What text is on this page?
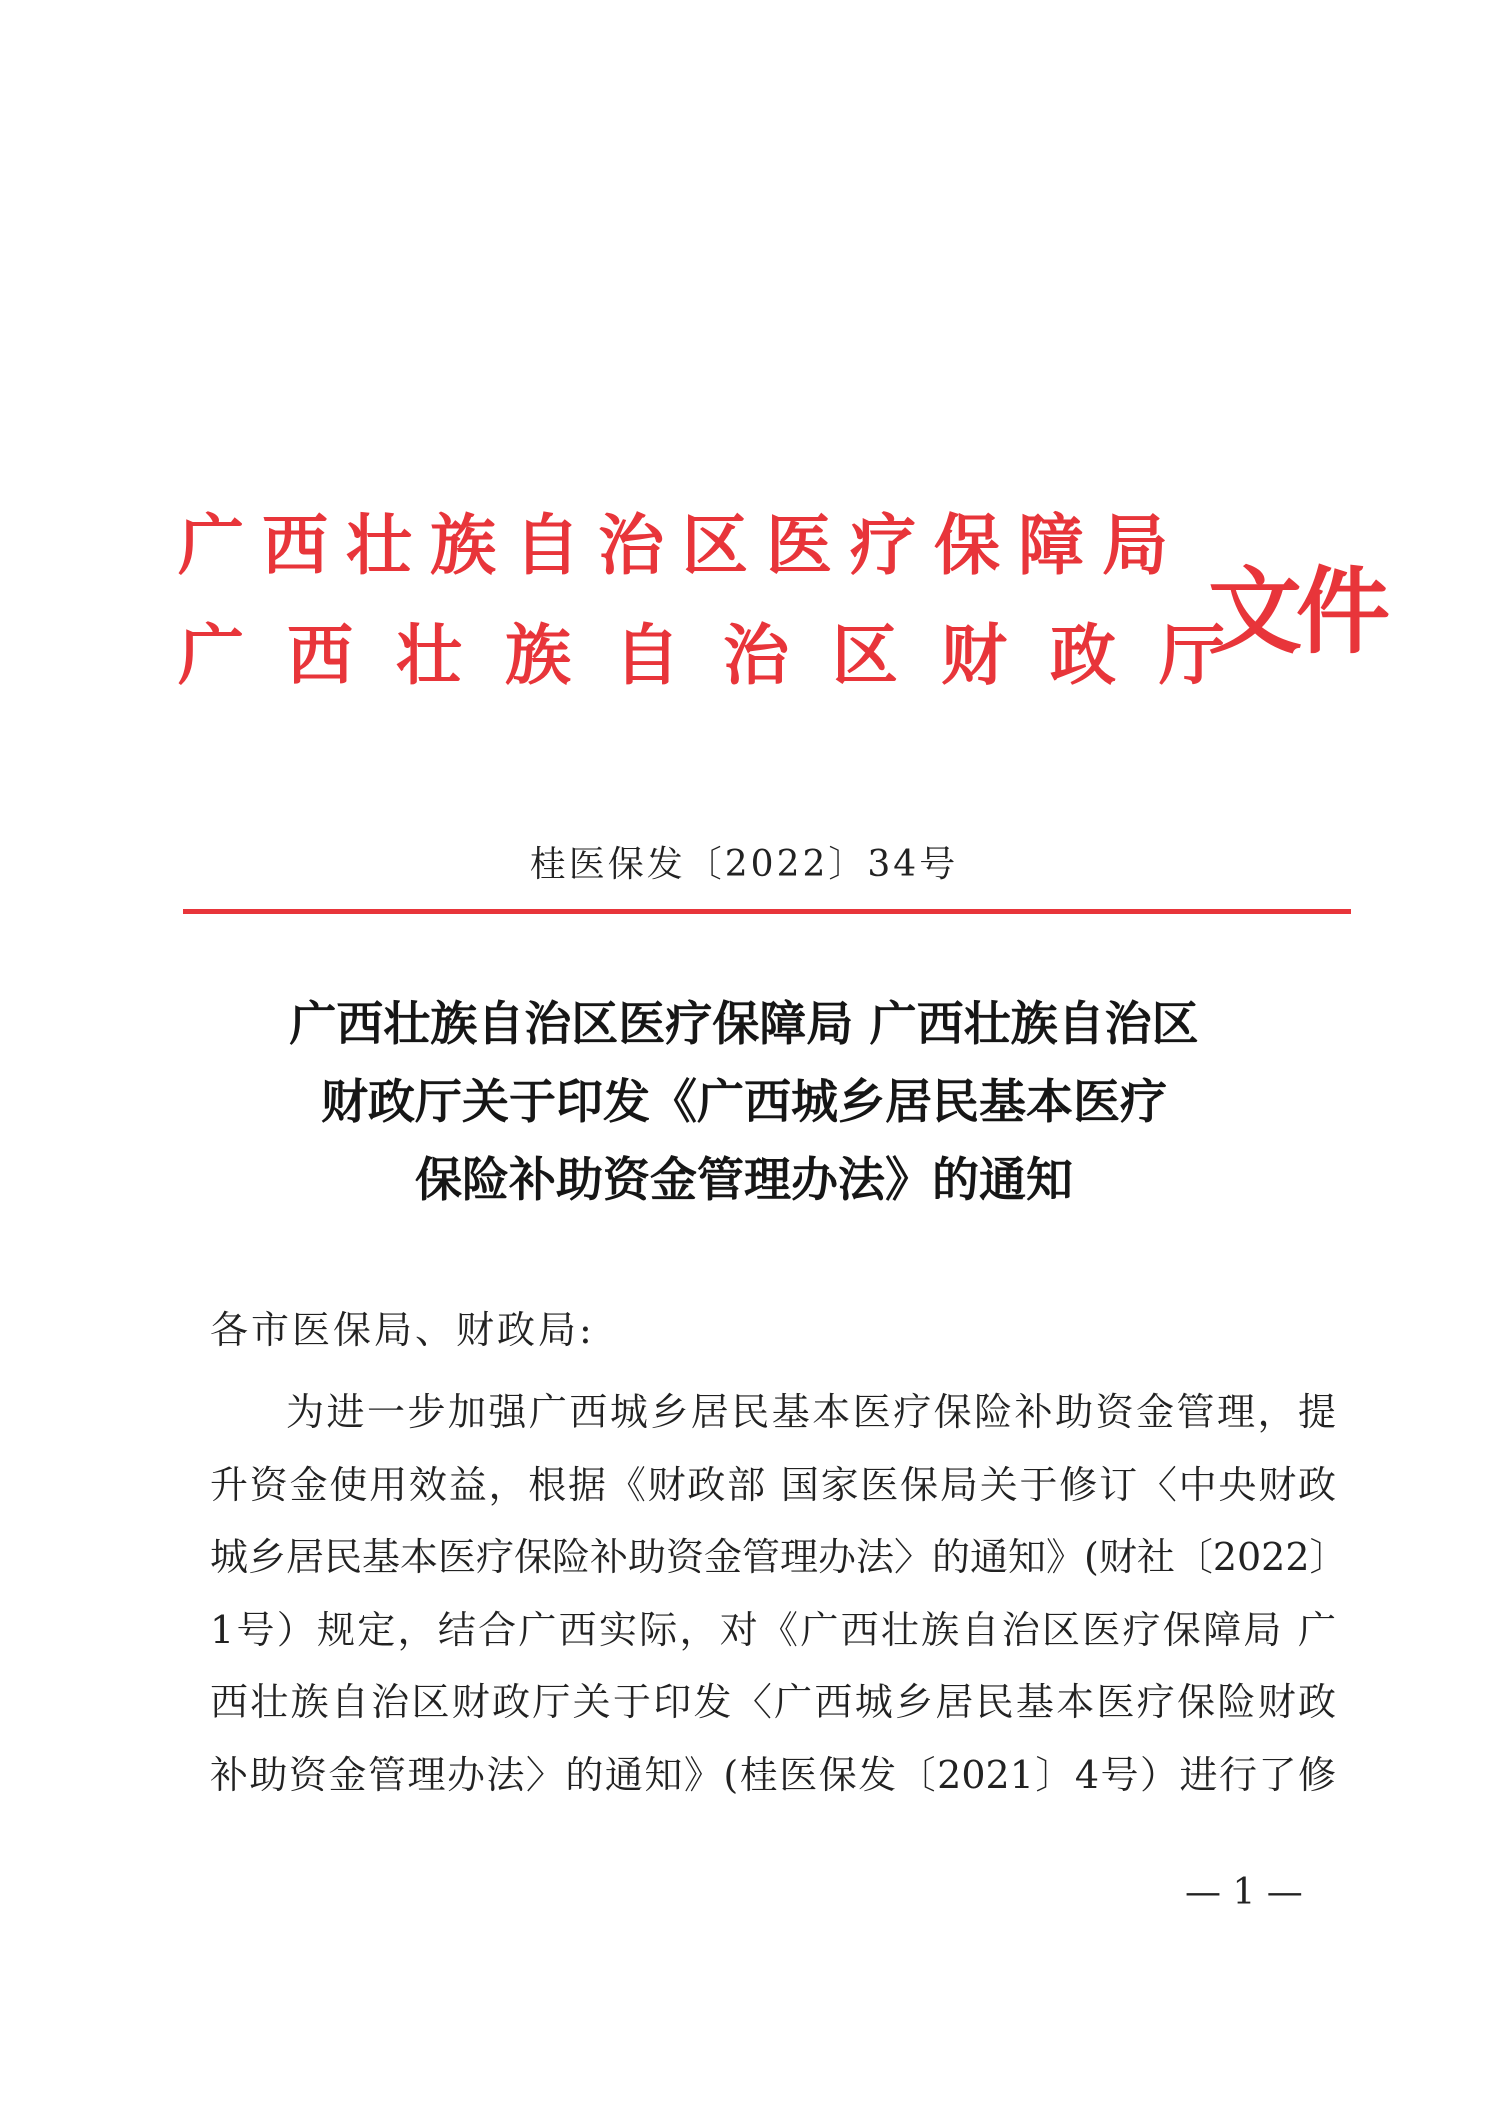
广西壮族自治区医疗保障局
广西壮族自治区财政厅
文件
桂医保发〔2022〕34号
广西壮族自治区医疗保障局 广西壮族自治区
财政厅关于印发《广西城乡居民基本医疗
保险补助资金管理办法》的通知
各市医保局、财政局:
为进一步加强广西城乡居民基本医疗保险补助资金管理，提
升资金使用效益，根据《财政部 国家医保局关于修订〈中央财政
城乡居民基本医疗保险补助资金管理办法〉的通知》(财社〔2022〕
1号）规定，结合广西实际，对《广西壮族自治区医疗保障局 广
西壮族自治区财政厅关于印发〈广西城乡居民基本医疗保险财政
补助资金管理办法〉的通知》(桂医保发〔2021〕4号）进行了修
— 1 —
